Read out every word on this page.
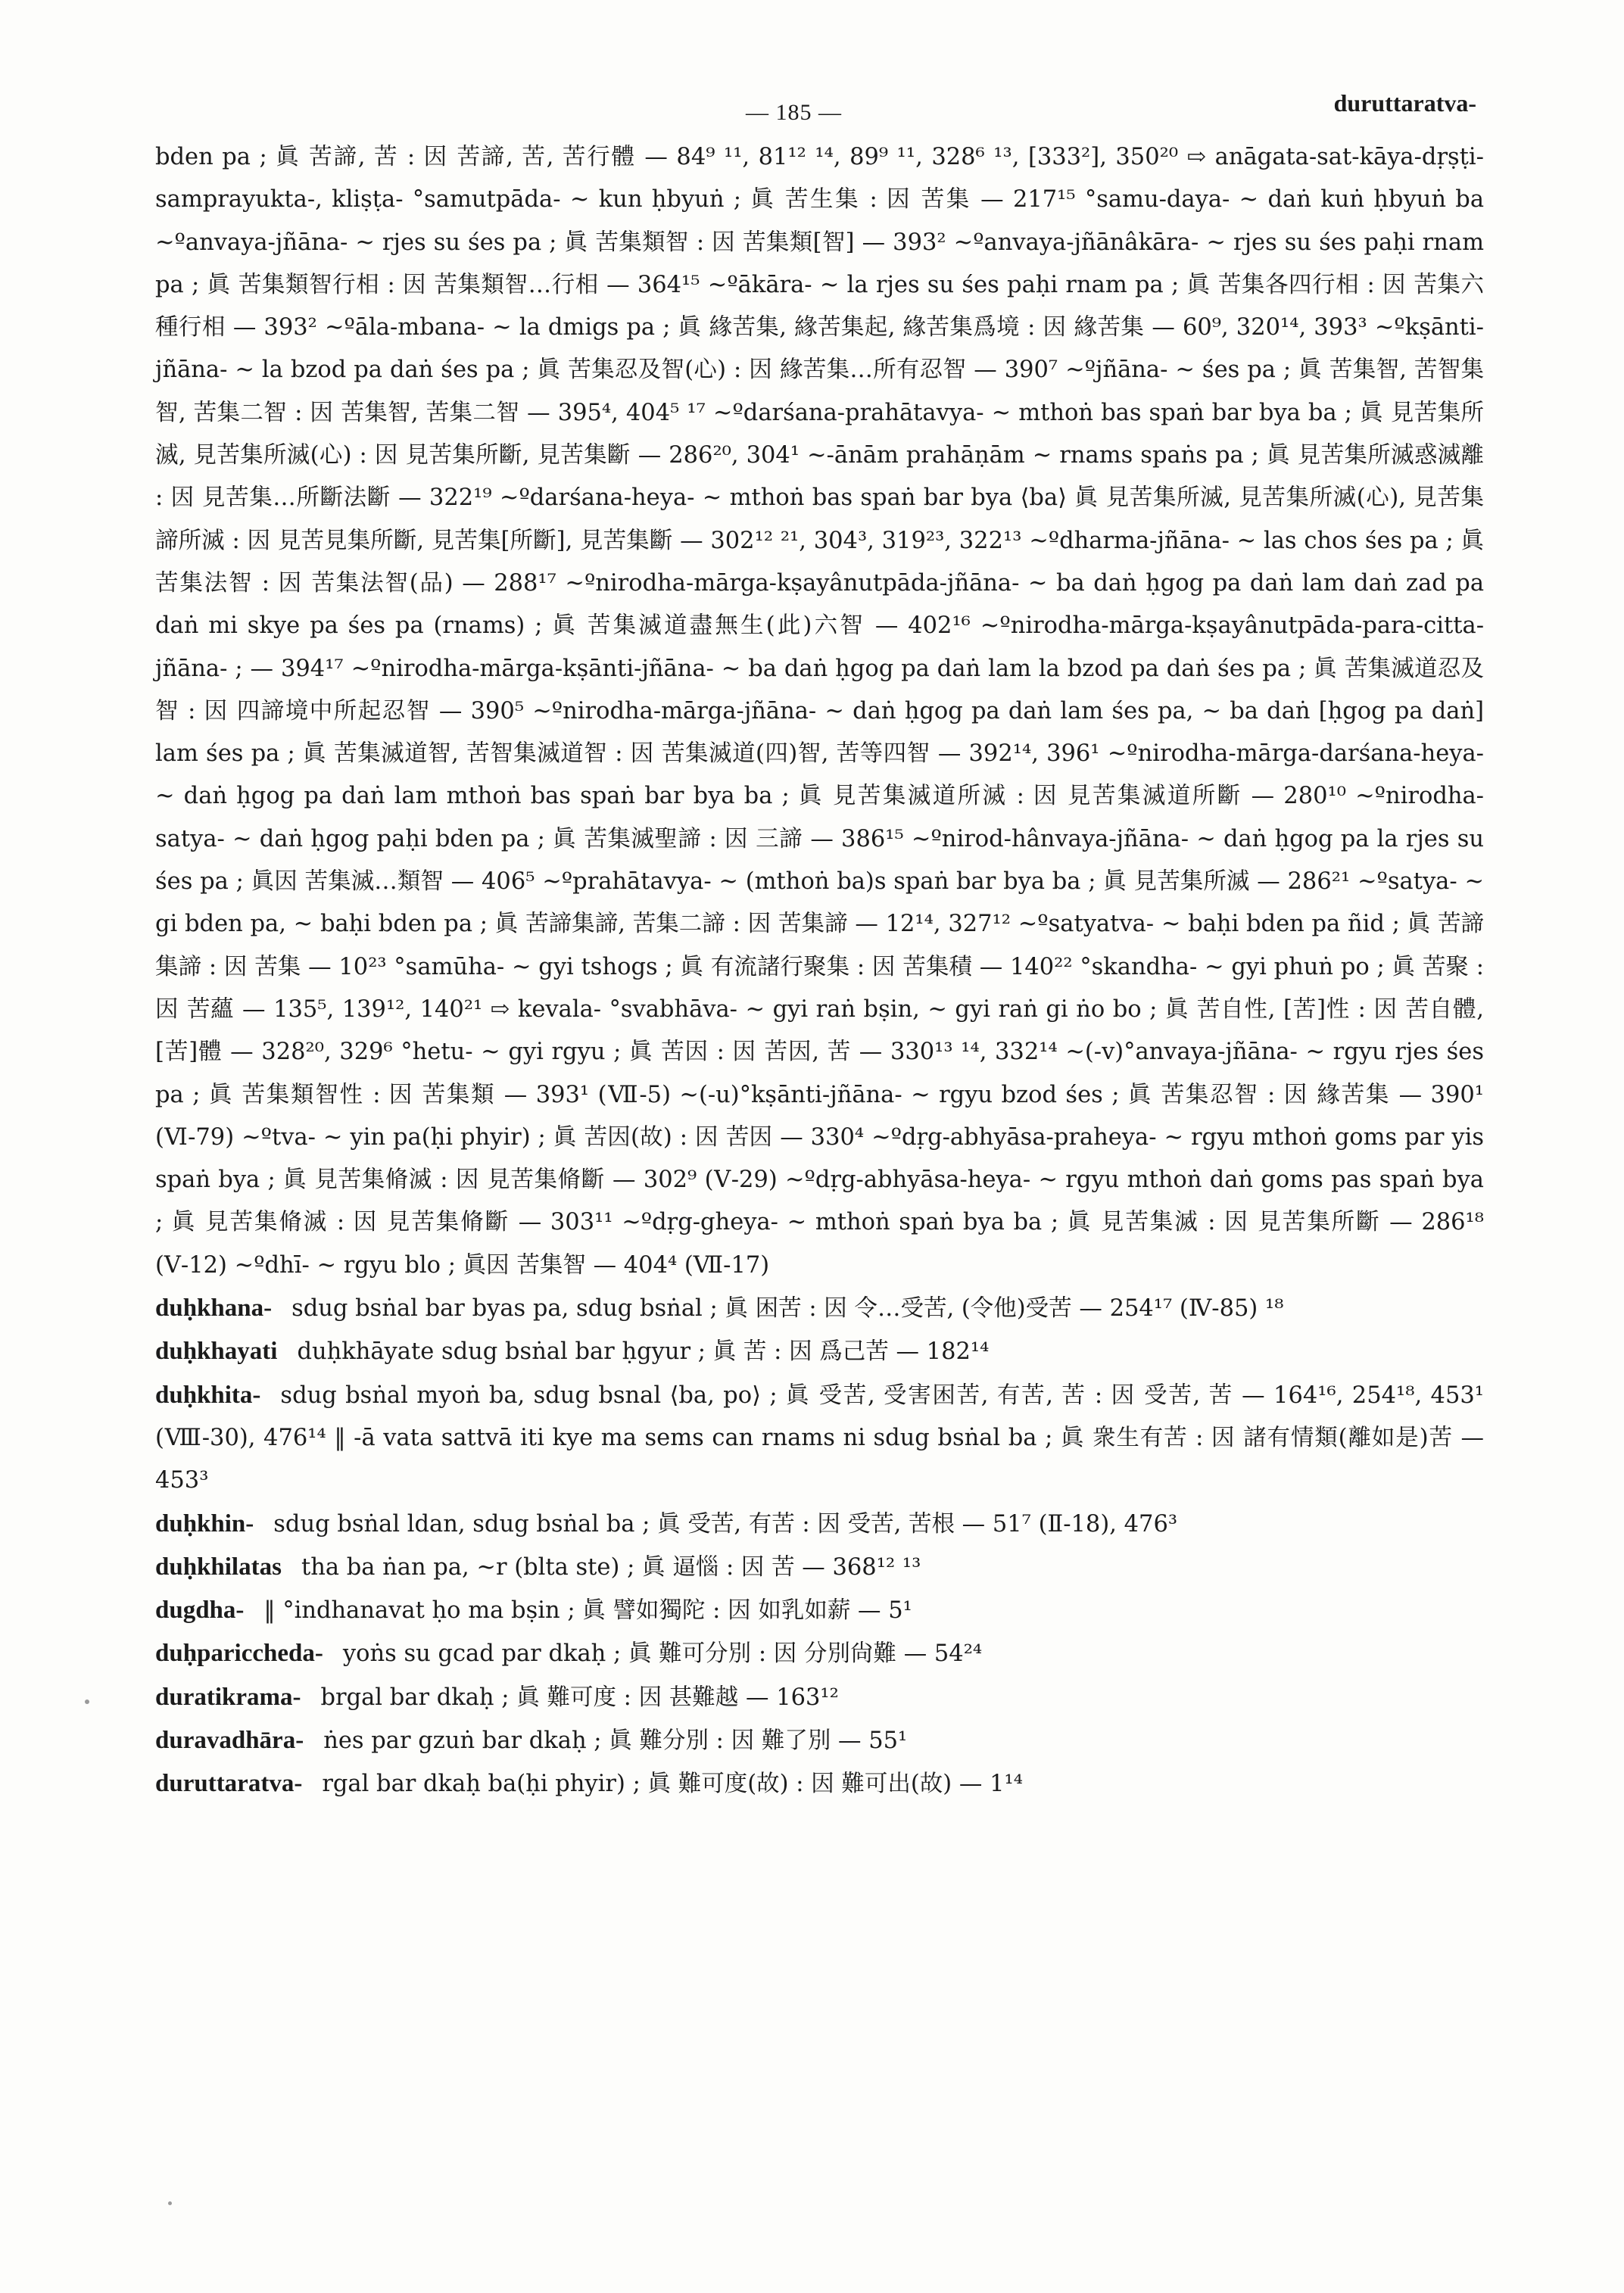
— 185 —	duruttaratva-

bden pa ; 眞 苦諦, 苦 : 因 苦諦, 苦, 苦行體 — 84⁹ ¹¹, 81¹² ¹⁴, 89⁹ ¹¹, 328⁶ ¹³, [333²], 350²⁰ ⇨ anāgata-sat-kāya-dṛṣṭi-samprayukta-, kliṣṭa- °samutpāda- ~ kun ḥbyuṅ ; 眞 苦生集 : 因 苦集 — 217¹⁵ °samu-daya- ~ daṅ kuṅ ḥbyuṅ ba ~ºanvaya-jñāna- ~ rjes su śes pa ; 眞 苦集類智 : 因 苦集類[智] — 393² ~ºanvaya-jñānâkāra- ~ rjes su śes paḥi rnam pa ; 眞 苦集類智行相 : 因 苦集類智…行相 — 364¹⁵ ~ºākāra- ~ la rjes su śes paḥi rnam pa ; 眞 苦集各四行相 : 因 苦集六種行相 — 393² ~ºāla-mbana- ~ la dmigs pa ; 眞 緣苦集, 緣苦集起, 緣苦集爲境 : 因 緣苦集 — 60⁹, 320¹⁴, 393³ ~ºkṣānti-jñāna- ~ la bzod pa daṅ śes pa ; 眞 苦集忍及智(心) : 因 緣苦集…所有忍智 — 390⁷ ~ºjñāna- ~ śes pa ; 眞 苦集智, 苦智集智, 苦集二智 : 因 苦集智, 苦集二智 — 395⁴, 404⁵ ¹⁷ ~ºdarśana-prahātavya- ~ mthoṅ bas spaṅ bar bya ba ; 眞 見苦集所滅, 見苦集所滅(心) : 因 見苦集所斷, 見苦集斷 — 286²⁰, 304¹ ~-ānām prahāṇām ~ rnams spaṅs pa ; 眞 見苦集所滅惑滅離 : 因 見苦集…所斷法斷 — 322¹⁹ ~ºdarśana-heya- ~ mthoṅ bas spaṅ bar bya ⟨ba⟩ 眞 見苦集所滅, 見苦集所滅(心), 見苦集諦所滅 : 因 見苦見集所斷, 見苦集[所斷], 見苦集斷 — 302¹² ²¹, 304³, 319²³, 322¹³ ~ºdharma-jñāna- ~ las chos śes pa ; 眞 苦集法智 : 因 苦集法智(品) — 288¹⁷ ~ºnirodha-mārga-kṣayânutpāda-jñāna- ~ ba daṅ ḥgog pa daṅ lam daṅ zad pa daṅ mi skye pa śes pa (rnams) ; 眞 苦集滅道盡無生(此)六智 — 402¹⁶ ~ºnirodha-mārga-kṣayânutpāda-para-citta-jñāna- ; — 394¹⁷ ~ºnirodha-mārga-kṣānti-jñāna- ~ ba daṅ ḥgog pa daṅ lam la bzod pa daṅ śes pa ; 眞 苦集滅道忍及智 : 因 四諦境中所起忍智 — 390⁵ ~ºnirodha-mārga-jñāna- ~ daṅ ḥgog pa daṅ lam śes pa, ~ ba daṅ [ḥgog pa daṅ] lam śes pa ; 眞 苦集滅道智, 苦智集滅道智 : 因 苦集滅道(四)智, 苦等四智 — 392¹⁴, 396¹ ~ºnirodha-mārga-darśana-heya- ~ daṅ ḥgog pa daṅ lam mthoṅ bas spaṅ bar bya ba ; 眞 見苦集滅道所滅 : 因 見苦集滅道所斷 — 280¹⁰ ~ºnirodha-satya- ~ daṅ ḥgog paḥi bden pa ; 眞 苦集滅聖諦 : 因 三諦 — 386¹⁵ ~ºnirod-hânvaya-jñāna- ~ daṅ ḥgog pa la rjes su śes pa ; 眞因 苦集滅…類智 — 406⁵ ~ºprahātavya- ~ (mthoṅ ba)s spaṅ bar bya ba ; 眞 見苦集所滅 — 286²¹ ~ºsatya- ~ gi bden pa, ~ baḥi bden pa ; 眞 苦諦集諦, 苦集二諦 : 因 苦集諦 — 12¹⁴, 327¹² ~ºsatyatva- ~ baḥi bden pa ñid ; 眞 苦諦集諦 : 因 苦集 — 10²³ °samūha- ~ gyi tshogs ; 眞 有流諸行聚集 : 因 苦集積 — 140²² °skandha- ~ gyi phuṅ po ; 眞 苦聚 : 因 苦蘊 — 135⁵, 139¹², 140²¹ ⇨ kevala- °svabhāva- ~ gyi raṅ bṣin, ~ gyi raṅ gi ṅo bo ; 眞 苦自性, [苦]性 : 因 苦自體, [苦]體 — 328²⁰, 329⁶ °hetu- ~ gyi rgyu ; 眞 苦因 : 因 苦因, 苦 — 330¹³ ¹⁴, 332¹⁴ ~(-v)°anvaya-jñāna- ~ rgyu rjes śes pa ; 眞 苦集類智性 : 因 苦集類 — 393¹ (Ⅶ-5) ~(-u)°kṣānti-jñāna- ~ rgyu bzod śes ; 眞 苦集忍智 : 因 緣苦集 — 390¹ (Ⅵ-79) ~ºtva- ~ yin pa(ḥi phyir) ; 眞 苦因(故) : 因 苦因 — 330⁴ ~ºdṛg-abhyāsa-praheya- ~ rgyu mthoṅ goms par yis spaṅ bya ; 眞 見苦集脩滅 : 因 見苦集脩斷 — 302⁹ (Ⅴ-29) ~ºdṛg-abhyāsa-heya- ~ rgyu mthoṅ daṅ goms pas spaṅ bya ; 眞 見苦集脩滅 : 因 見苦集脩斷 — 303¹¹ ~ºdṛg-gheya- ~ mthoṅ spaṅ bya ba ; 眞 見苦集滅 : 因 見苦集所斷 — 286¹⁸ (Ⅴ-12) ~ºdhī- ~ rgyu blo ; 眞因 苦集智 — 404⁴ (Ⅶ-17)

duḥkhana- sdug bsṅal bar byas pa, sdug bsṅal ; 眞 困苦 : 因 令…受苦, (令他)受苦 — 254¹⁷ (Ⅳ-85) ¹⁸
duḥkhayati duḥkhāyate sdug bsṅal bar ḥgyur ; 眞 苦 : 因 爲己苦 — 182¹⁴
duḥkhita- sdug bsṅal myoṅ ba, sdug bsnal ⟨ba, po⟩ ; 眞 受苦, 受害困苦, 有苦, 苦 : 因 受苦, 苦 — 164¹⁶, 254¹⁸, 453¹ (Ⅷ-30), 476¹⁴ ‖ -ā vata sattvā iti kye ma sems can rnams ni sdug bsṅal ba ; 眞 衆生有苦 : 因 諸有情類(離如是)苦 — 453³
duḥkhin- sdug bsṅal ldan, sdug bsṅal ba ; 眞 受苦, 有苦 : 因 受苦, 苦根 — 51⁷ (Ⅱ-18), 476³
duḥkhilatas tha ba ṅan pa, ~r (blta ste) ; 眞 逼惱 : 因 苦 — 368¹² ¹³
dugdha- ‖ °indhanavat ḥo ma bṣin ; 眞 譬如獨陀 : 因 如乳如薪 — 5¹
duḥpariccheda- yoṅs su gcad par dkaḥ ; 眞 難可分別 : 因 分別尙難 — 54²⁴
duratikrama- brgal bar dkaḥ ; 眞 難可度 : 因 甚難越 — 163¹²
duravadhāra- ṅes par gzuṅ bar dkaḥ ; 眞 難分別 : 因 難了別 — 55¹
duruttaratva- rgal bar dkaḥ ba(ḥi phyir) ; 眞 難可度(故) : 因 難可出(故) — 1¹⁴
